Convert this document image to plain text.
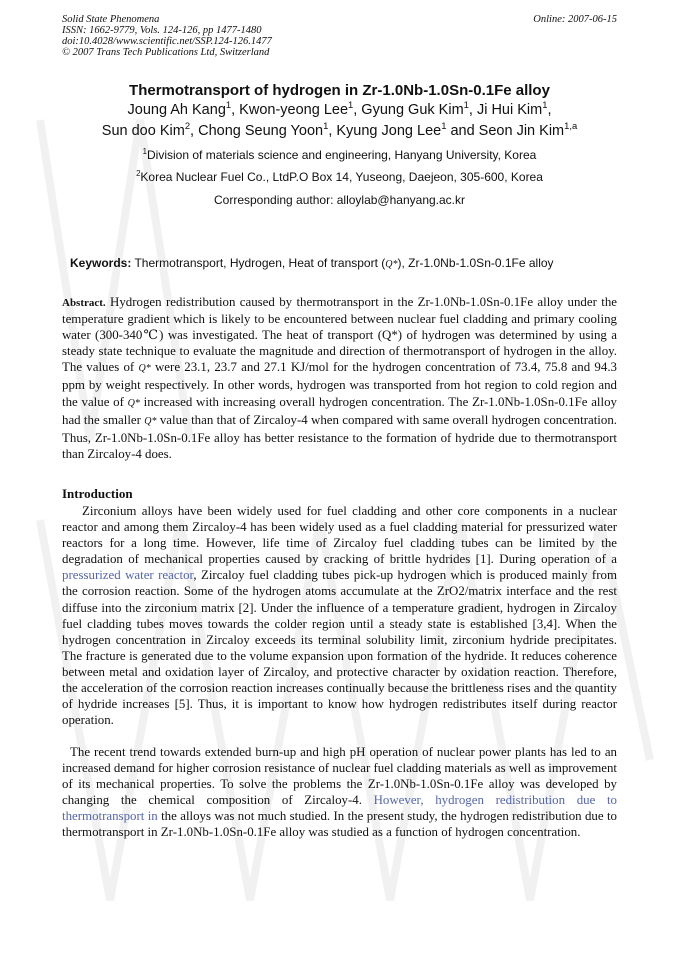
Solid State Phenomena
ISSN: 1662-9779, Vols. 124-126, pp 1477-1480
doi:10.4028/www.scientific.net/SSP.124-126.1477
© 2007 Trans Tech Publications Ltd, Switzerland
Online: 2007-06-15
Thermotransport of hydrogen in Zr-1.0Nb-1.0Sn-0.1Fe alloy
Joung Ah Kang$^1$, Kwon-yeong Lee$^1$, Gyung Guk Kim$^1$, Ji Hui Kim$^1$,
Sun doo Kim$^2$, Chong Seung Yoon$^1$, Kyung Jong Lee$^1$ and Seon Jin Kim$^{1,a}$
$^1$Division of materials science and engineering, Hanyang University, Korea
$^2$Korea Nuclear Fuel Co., LtdP.O Box 14, Yuseong, Daejeon, 305-600, Korea
Corresponding author: alloylab@hanyang.ac.kr
Keywords: Thermotransport, Hydrogen, Heat of transport (Q*), Zr-1.0Nb-1.0Sn-0.1Fe alloy
Abstract. Hydrogen redistribution caused by thermotransport in the Zr-1.0Nb-1.0Sn-0.1Fe alloy under the temperature gradient which is likely to be encountered between nuclear fuel cladding and primary cooling water (300-340℃) was investigated. The heat of transport (Q*) of hydrogen was determined by using a steady state technique to evaluate the magnitude and direction of thermotransport of hydrogen in the alloy. The values of Q* were 23.1, 23.7 and 27.1 KJ/mol for the hydrogen concentration of 73.4, 75.8 and 94.3 ppm by weight respectively. In other words, hydrogen was transported from hot region to cold region and the value of Q* increased with increasing overall hydrogen concentration. The Zr-1.0Nb-1.0Sn-0.1Fe alloy had the smaller Q* value than that of Zircaloy-4 when compared with same overall hydrogen concentration. Thus, Zr-1.0Nb-1.0Sn-0.1Fe alloy has better resistance to the formation of hydride due to thermotransport than Zircaloy-4 does.
Introduction
Zirconium alloys have been widely used for fuel cladding and other core components in a nuclear reactor and among them Zircaloy-4 has been widely used as a fuel cladding material for pressurized water reactors for a long time. However, life time of Zircaloy fuel cladding tubes can be limited by the degradation of mechanical properties caused by cracking of brittle hydrides [1]. During operation of a pressurized water reactor, Zircaloy fuel cladding tubes pick-up hydrogen which is produced mainly from the corrosion reaction. Some of the hydrogen atoms accumulate at the ZrO2/matrix interface and the rest diffuse into the zirconium matrix [2]. Under the influence of a temperature gradient, hydrogen in Zircaloy fuel cladding tubes moves towards the colder region until a steady state is established [3,4]. When the hydrogen concentration in Zircaloy exceeds its terminal solubility limit, zirconium hydride precipitates. The fracture is generated due to the volume expansion upon formation of the hydride. It reduces coherence between metal and oxidation layer of Zircaloy, and protective character by oxidation reaction. Therefore, the acceleration of the corrosion reaction increases continually because the brittleness rises and the quantity of hydride increases [5]. Thus, it is important to know how hydrogen redistributes itself during reactor operation.
The recent trend towards extended burn-up and high pH operation of nuclear power plants has led to an increased demand for higher corrosion resistance of nuclear fuel cladding materials as well as improvement of its mechanical properties. To solve the problems the Zr-1.0Nb-1.0Sn-0.1Fe alloy was developed by changing the chemical composition of Zircaloy-4. However, hydrogen redistribution due to thermotransport in the alloys was not much studied. In the present study, the hydrogen redistribution due to thermotransport in Zr-1.0Nb-1.0Sn-0.1Fe alloy was studied as a function of hydrogen concentration.
